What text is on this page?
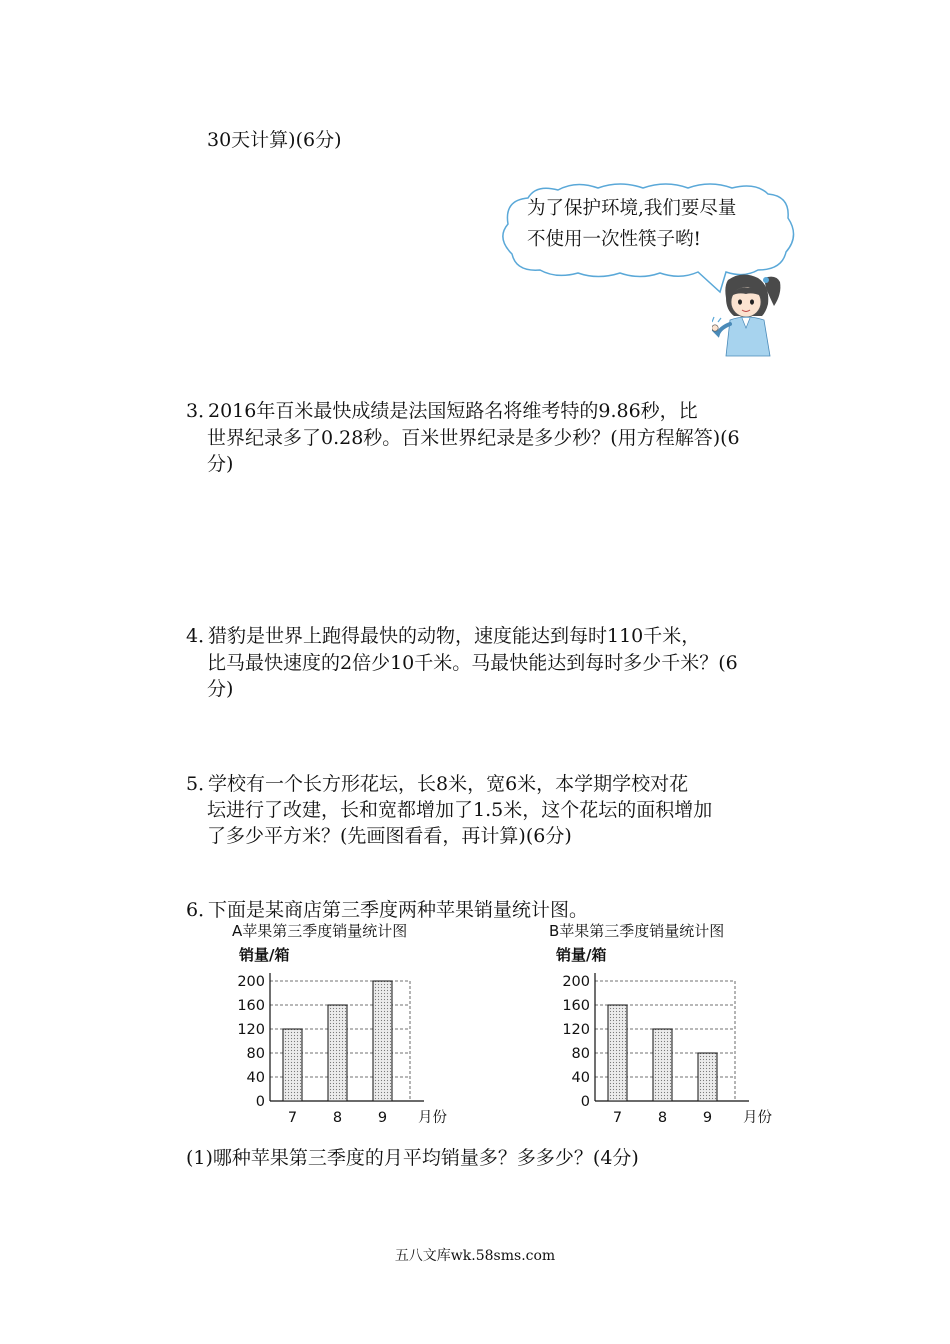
30天计算)(6分)
为了保护环境,我们要尽量
不使用一次性筷子哟!
3．2016年百米最快成绩是法国短路名将维考特的9.86秒，比
世界纪录多了0.28秒。百米世界纪录是多少秒？(用方程解答)(6
分)
4．猎豹是世界上跑得最快的动物，速度能达到每时110千米，
比马最快速度的2倍少10千米。马最快能达到每时多少千米？(6
分)
5．学校有一个长方形花坛，长8米，宽6米，本学期学校对花
坛进行了改建，长和宽都增加了1.5米，这个花坛的面积增加
了多少平方米？(先画图看看，再计算)(6分)
6．下面是某商店第三季度两种苹果销量统计图。
A苹果第三季度销量统计图
销量/箱
0
40
80
120
160
200
7 8 9 月份
B苹果第三季度销量统计图
销量/箱
0
40
80
120
160
200
7 8 9 月份
(1)哪种苹果第三季度的月平均销量多？多多少？(4分)
五八文库wk.58sms.com
